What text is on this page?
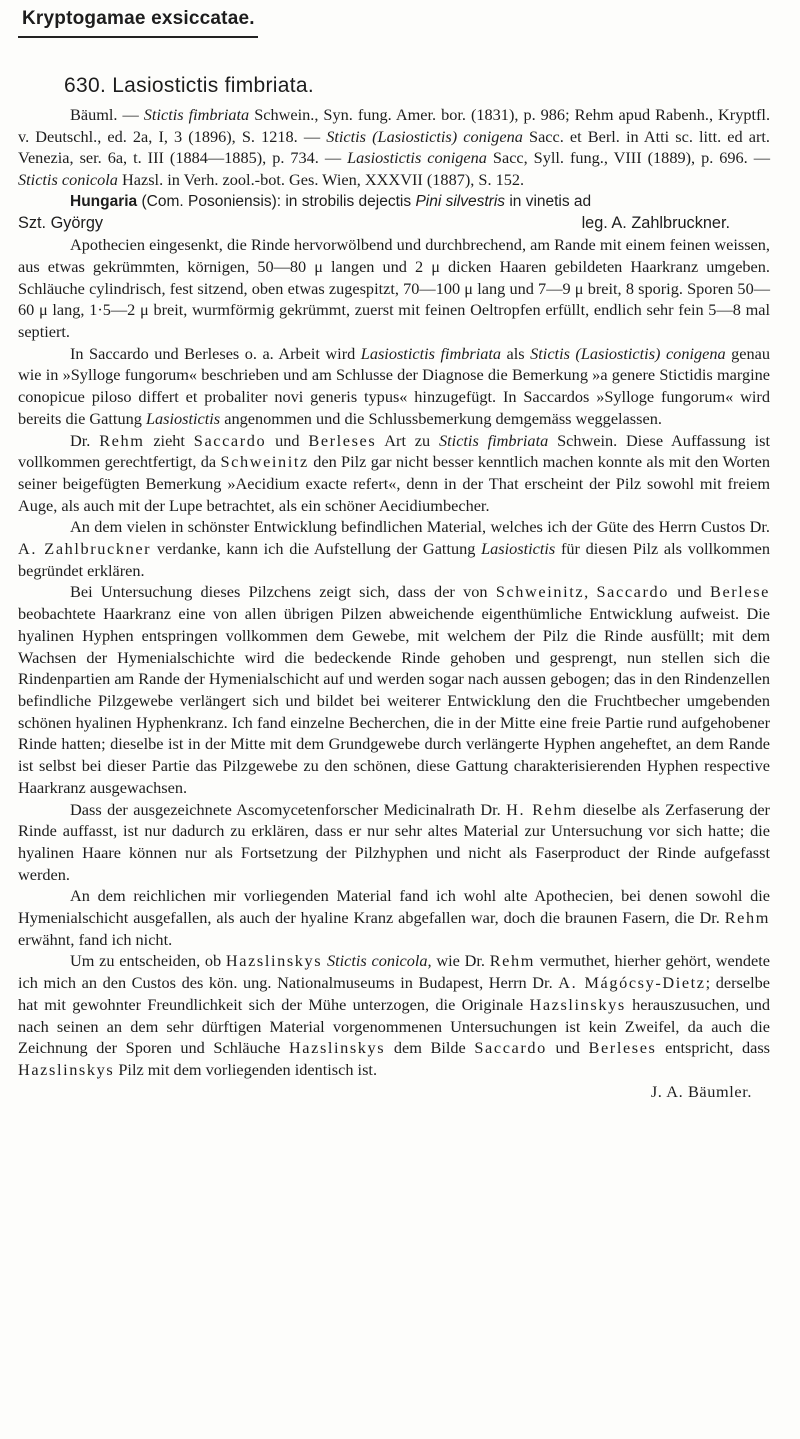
Kryptogamae exsiccatae.
630. Lasiostictis fimbriata.

Bäuml. — Stictis fimbriata Schwein., Syn. fung. Amer. bor. (1831), p. 986; Rehm apud Rabenh., Kryptfl. v. Deutschl., ed. 2a, I, 3 (1896), S. 1218. — Stictis (Lasiostictis) conigena Sacc. et Berl. in Atti sc. litt. ed art. Venezia, ser. 6a, t. III (1884—1885), p. 734. — Lasiostictis conigena Sacc, Syll. fung., VIII (1889), p. 696. — Stictis conicola Hazsl. in Verh. zool.-bot. Ges. Wien, XXXVII (1887), S. 152.

Hungaria (Com. Posoniensis): in strobilis dejectis Pini silvestris in vinetis ad

Szt. György	leg. A. Zahlbruckner.

Apothecien eingesenkt, die Rinde hervorwölbend und durchbrechend, am Rande mit einem feinen weissen, aus etwas gekrümmten, körnigen, 50—80 μ langen und 2 μ dicken Haaren gebildeten Haarkranz umgeben. Schläuche cylindrisch, fest sitzend, oben etwas zugespitzt, 70—100 μ lang und 7—9 μ breit, 8 sporig. Sporen 50—60 μ lang, 1·5—2 μ breit, wurmförmig gekrümmt, zuerst mit feinen Oeltropfen erfüllt, endlich sehr fein 5—8 mal septiert.

In Saccardo und Berleses o. a. Arbeit wird Lasiostictis fimbriata als Stictis (Lasiostictis) conigena genau wie in »Sylloge fungorum« beschrieben und am Schlusse der Diagnose die Bemerkung »a genere Stictidis margine conopicue piloso differt et probaliter novi generis typus« hinzugefügt. In Saccardos »Sylloge fungorum« wird bereits die Gattung Lasiostictis angenommen und die Schlussbemerkung demgemäss weggelassen.

Dr. Rehm zieht Saccardo und Berleses Art zu Stictis fimbriata Schwein. Diese Auffassung ist vollkommen gerechtfertigt, da Schweinitz den Pilz gar nicht besser kenntlich machen konnte als mit den Worten seiner beigefügten Bemerkung »Aecidium exacte refert«, denn in der That erscheint der Pilz sowohl mit freiem Auge, als auch mit der Lupe betrachtet, als ein schöner Aecidiumbecher.

An dem vielen in schönster Entwicklung befindlichen Material, welches ich der Güte des Herrn Custos Dr. A. Zahlbruckner verdanke, kann ich die Aufstellung der Gattung Lasiostictis für diesen Pilz als vollkommen begründet erklären.

Bei Untersuchung dieses Pilzchens zeigt sich, dass der von Schweinitz, Saccardo und Berlese beobachtete Haarkranz eine von allen übrigen Pilzen abweichende eigenthümliche Entwicklung aufweist. Die hyalinen Hyphen entspringen vollkommen dem Gewebe, mit welchem der Pilz die Rinde ausfüllt; mit dem Wachsen der Hymenialschichte wird die bedeckende Rinde gehoben und gesprengt, nun stellen sich die Rindenpartien am Rande der Hymenialschicht auf und werden sogar nach aussen gebogen; das in den Rindenzellen befindliche Pilzgewebe verlängert sich und bildet bei weiterer Entwicklung den die Fruchtbecher umgebenden schönen hyalinen Hyphenkranz. Ich fand einzelne Becherchen, die in der Mitte eine freie Partie rund aufgehobener Rinde hatten; dieselbe ist in der Mitte mit dem Grundgewebe durch verlängerte Hyphen angeheftet, an dem Rande ist selbst bei dieser Partie das Pilzgewebe zu den schönen, diese Gattung charakterisierenden Hyphen respective Haarkranz ausgewachsen.

Dass der ausgezeichnete Ascomycetenforscher Medicinalrath Dr. H. Rehm dieselbe als Zerfaserung der Rinde auffasst, ist nur dadurch zu erklären, dass er nur sehr altes Material zur Untersuchung vor sich hatte; die hyalinen Haare können nur als Fortsetzung der Pilzhyphen und nicht als Faserproduct der Rinde aufgefasst werden.

An dem reichlichen mir vorliegenden Material fand ich wohl alte Apothecien, bei denen sowohl die Hymenialschicht ausgefallen, als auch der hyaline Kranz abgefallen war, doch die braunen Fasern, die Dr. Rehm erwähnt, fand ich nicht.

Um zu entscheiden, ob Hazslinskys Stictis conicola, wie Dr. Rehm vermuthet, hierher gehört, wendete ich mich an den Custos des kön. ung. Nationalmuseums in Budapest, Herrn Dr. A. Mágócsy-Dietz; derselbe hat mit gewohnter Freundlichkeit sich der Mühe unterzogen, die Originale Hazslinskys herauszusuchen, und nach seinen an dem sehr dürftigen Material vorgenommenen Untersuchungen ist kein Zweifel, da auch die Zeichnung der Sporen und Schläuche Hazslinskys dem Bilde Saccardo und Berleses entspricht, dass Hazslinskys Pilz mit dem vorliegenden identisch ist.

J. A. Bäumler.
